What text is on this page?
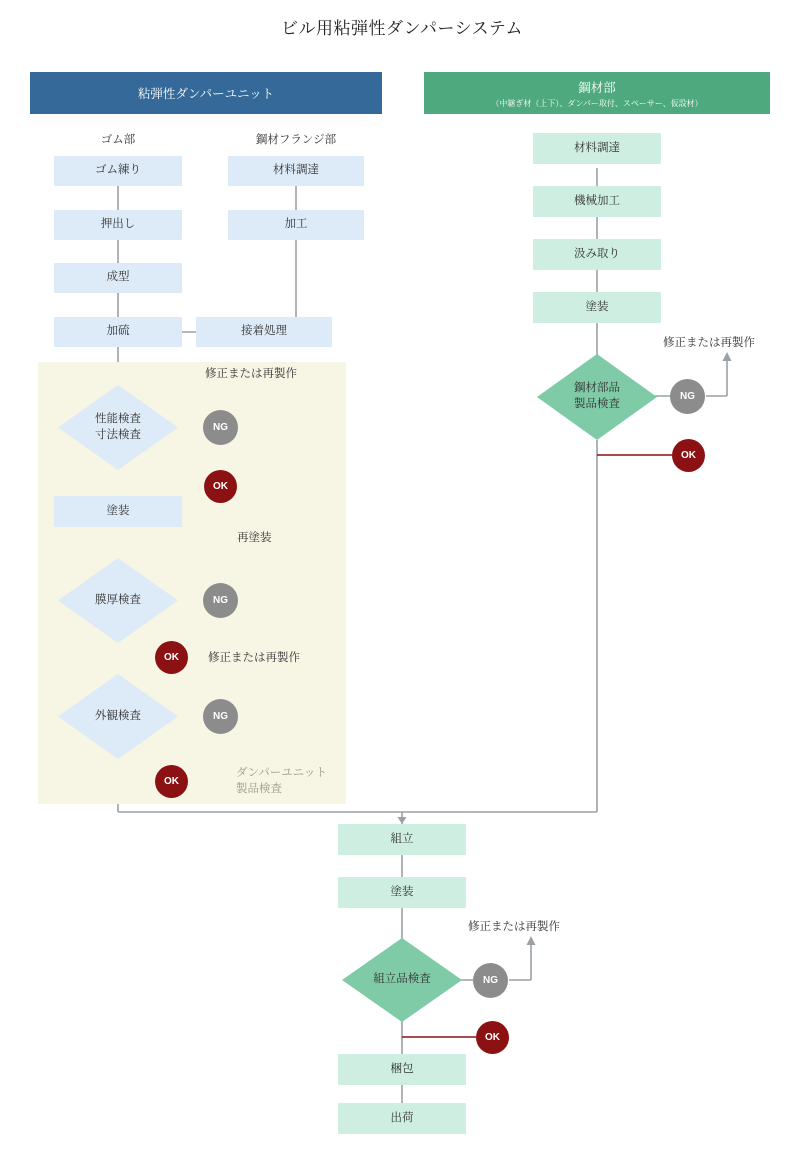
ビル用粘弾性ダンパーシステム
粘弾性ダンパーユニット	鋼材部
（中継ぎ材（上下）、ダンパー取付、スペーサー、仮設材）
ゴム部	鋼材フランジ部
ダンパーユニット
製品検査
ゴム練り
押出し
成型
加硫
材料調達
加工
接着処理
材料調達
機械加工
汲み取り
塗装
性能検査
寸法検査
膜厚検査
外観検査
塗装
鋼材部品
製品検査
組立
塗装
組立品検査
梱包
出荷
NG
OK
NG
OK
NG
OK
NG
OK
NG
OK
修正または再製作
再塗装
修正または再製作
修正または再製作
修正または再製作
